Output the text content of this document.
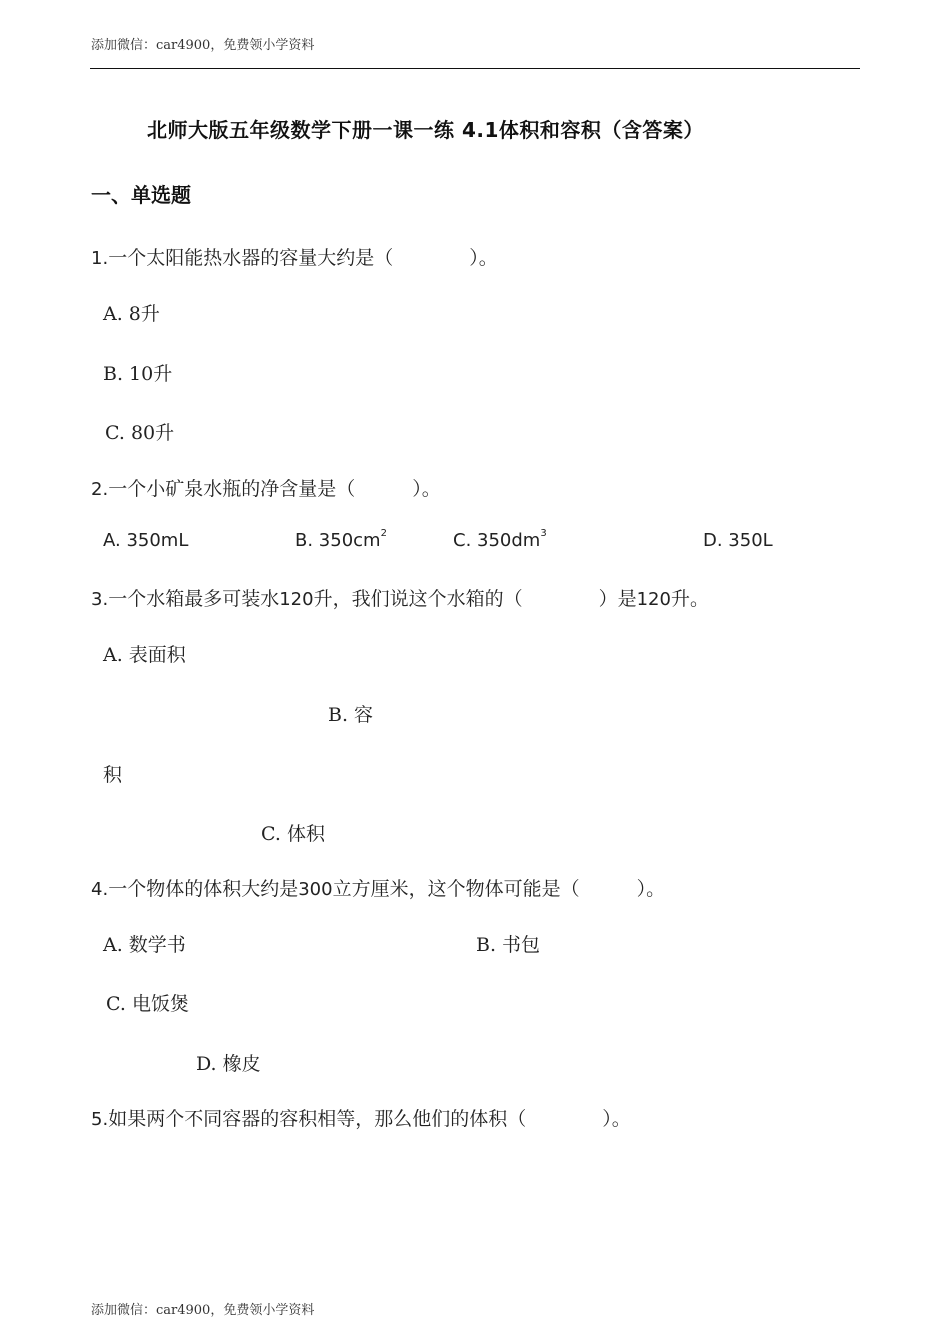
添加微信：car4900，免费领小学资料
北师大版五年级数学下册一课一练 4.1体积和容积（含答案）
一、单选题
1.一个太阳能热水器的容量大约是（　　　　）。
A. 8升
B. 10升
C. 80升
2.一个小矿泉水瓶的净含量是（　　　）。
A. 350mL	B. $350cm^2$	C. $350dm^3$	D. 350L
3.一个水箱最多可装水120升，我们说这个水箱的（　　　　）是120升。
A. 表面积
B. 容
积
C. 体积
4.一个物体的体积大约是300立方厘米，这个物体可能是（　　　）。
A. 数学书	B. 书包
C. 电饭煲
D. 橡皮
5.如果两个不同容器的容积相等，那么他们的体积（　　　　）。
添加微信：car4900，免费领小学资料
